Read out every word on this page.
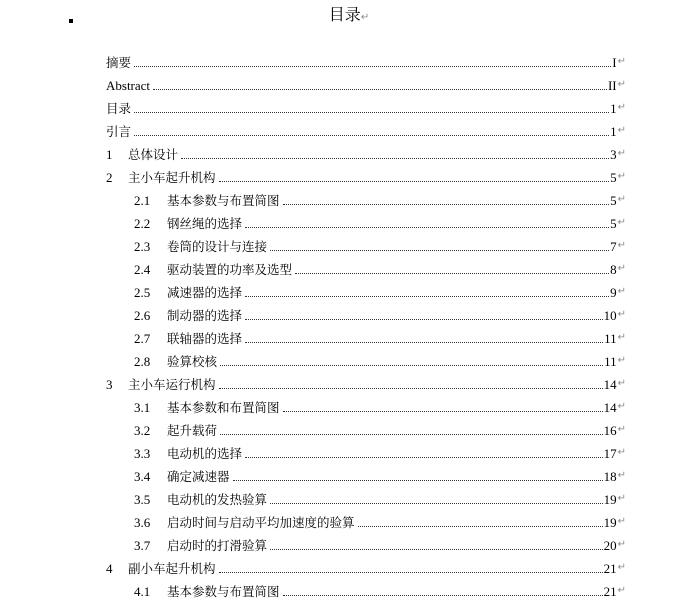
目录↵
摘要	I ↵
Abstract	II ↵
目录	1 ↵
引言	1 ↵
1	总体设计	3 ↵
2	主小车起升机构	5 ↵
2.1	基本参数与布置简图	5 ↵
2.2	钢丝绳的选择	5 ↵
2.3	卷筒的设计与连接	7 ↵
2.4	驱动装置的功率及选型	8 ↵
2.5	减速器的选择	9 ↵
2.6	制动器的选择	10 ↵
2.7	联轴器的选择	11 ↵
2.8	验算校核	11 ↵
3	主小车运行机构	14 ↵
3.1	基本参数和布置简图	14 ↵
3.2	起升载荷	16 ↵
3.3	电动机的选择	17 ↵
3.4	确定减速器	18 ↵
3.5	电动机的发热验算	19 ↵
3.6	启动时间与启动平均加速度的验算	19 ↵
3.7	启动时的打滑验算	20 ↵
4	副小车起升机构	21 ↵
4.1	基本参数与布置简图	21 ↵
